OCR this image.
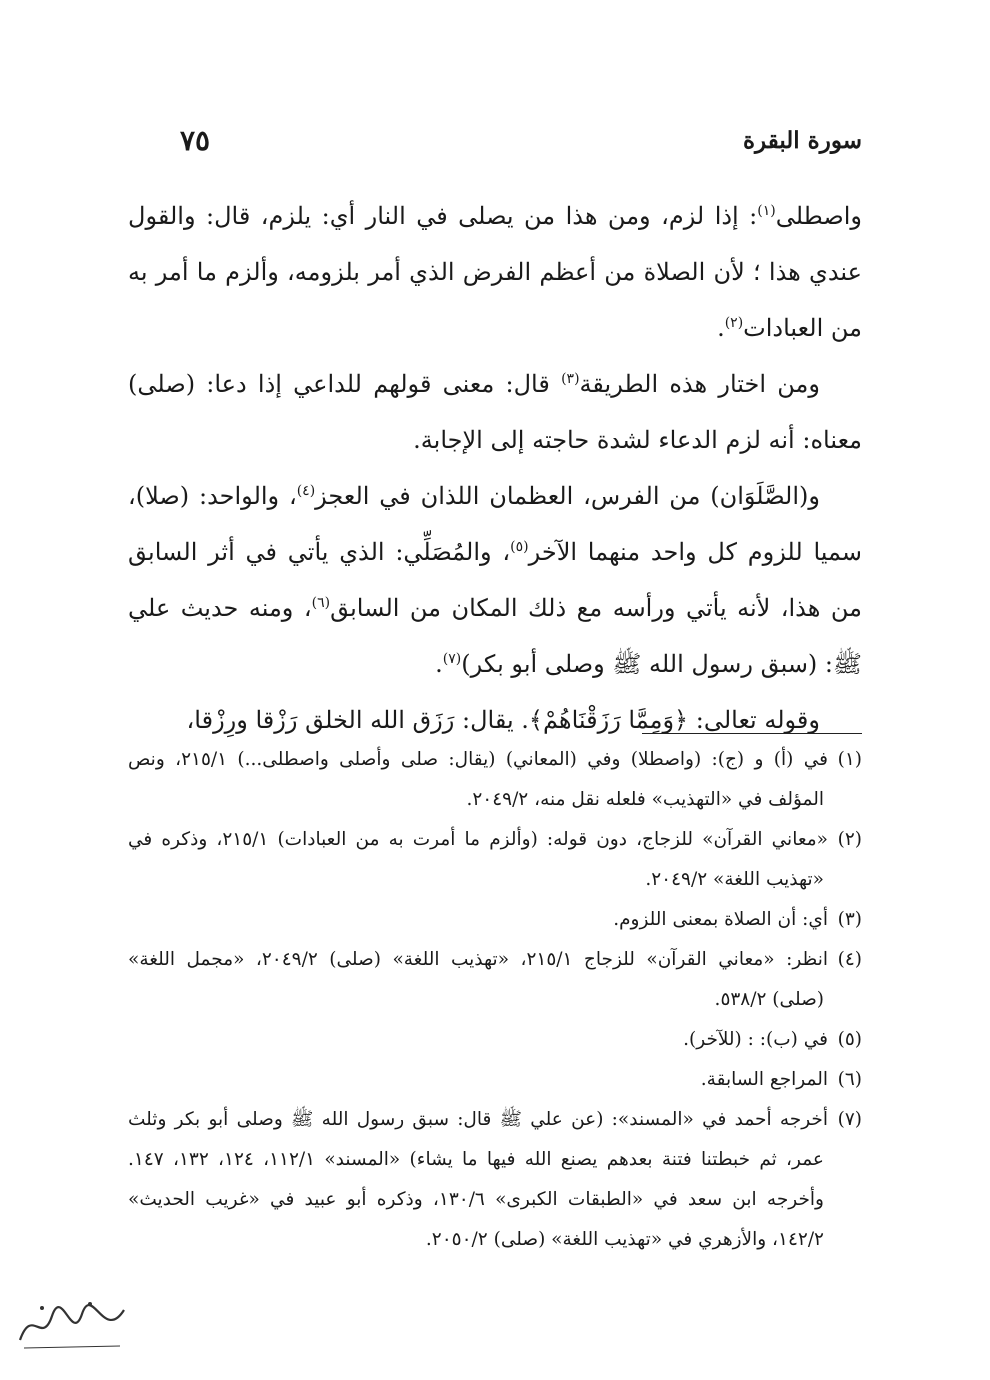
سورة البقرة
٧٥

واصطلى$^{(١)}$: إذا لزم، ومن هذا من يصلى في النار أي: يلزم، قال: والقول عندي هذا ؛ لأن الصلاة من أعظم الفرض الذي أمر بلزومه، وألزم ما أمر به من العبادات$^{(٢)}$.

ومن اختار هذه الطريقة$^{(٣)}$ قال: معنى قولهم للداعي إذا دعا: (صلى) معناه: أنه لزم الدعاء لشدة حاجته إلى الإجابة.

و(الصَّلَوَان) من الفرس، العظمان اللذان في العجز$^{(٤)}$، والواحد: (صلا)، سميا للزوم كل واحد منهما الآخر$^{(٥)}$، والمُصَلِّي: الذي يأتي في أثر السابق من هذا، لأنه يأتي ورأسه مع ذلك المكان من السابق$^{(٦)}$، ومنه حديث علي ﷺ: (سبق رسول الله ﷺ وصلى أبو بكر)$^{(٧)}$.

وقوله تعالى: ﴿وَمِمَّا رَزَقْنَاهُمْ﴾. يقال: رَزَق الله الخلق رَزْقا ورِزْقا،

(١)في (أ) و (ج): (واصطلا) وفي (المعاني) (يقال: صلى وأصلى واصطلى...) ٢١٥/١، ونص المؤلف في «التهذيب» فلعله نقل منه، ٢٠٤٩/٢.

(٢)«معاني القرآن» للزجاج، دون قوله: (وألزم ما أمرت به من العبادات) ٢١٥/١، وذكره في «تهذيب اللغة» ٢٠٤٩/٢.

(٣)أي: أن الصلاة بمعنى اللزوم.

(٤)انظر: «معاني القرآن» للزجاج ٢١٥/١، «تهذيب اللغة» (صلى) ٢٠٤٩/٢، «مجمل اللغة» (صلى) ٥٣٨/٢.

(٥)في (ب): : (للآخر).

(٦)المراجع السابقة.

(٧)أخرجه أحمد في «المسند»: (عن علي ﷺ قال: سبق رسول الله ﷺ وصلى أبو بكر وثلث عمر، ثم خبطتنا فتنة بعدهم يصنع الله فيها ما يشاء) «المسند» ١١٢/١، ١٢٤، ١٣٢، ١٤٧. وأخرجه ابن سعد في «الطبقات الكبرى» ١٣٠/٦، وذكره أبو عبيد في «غريب الحديث» ١٤٢/٢، والأزهري في «تهذيب اللغة» (صلى) ٢٠٥٠/٢.
